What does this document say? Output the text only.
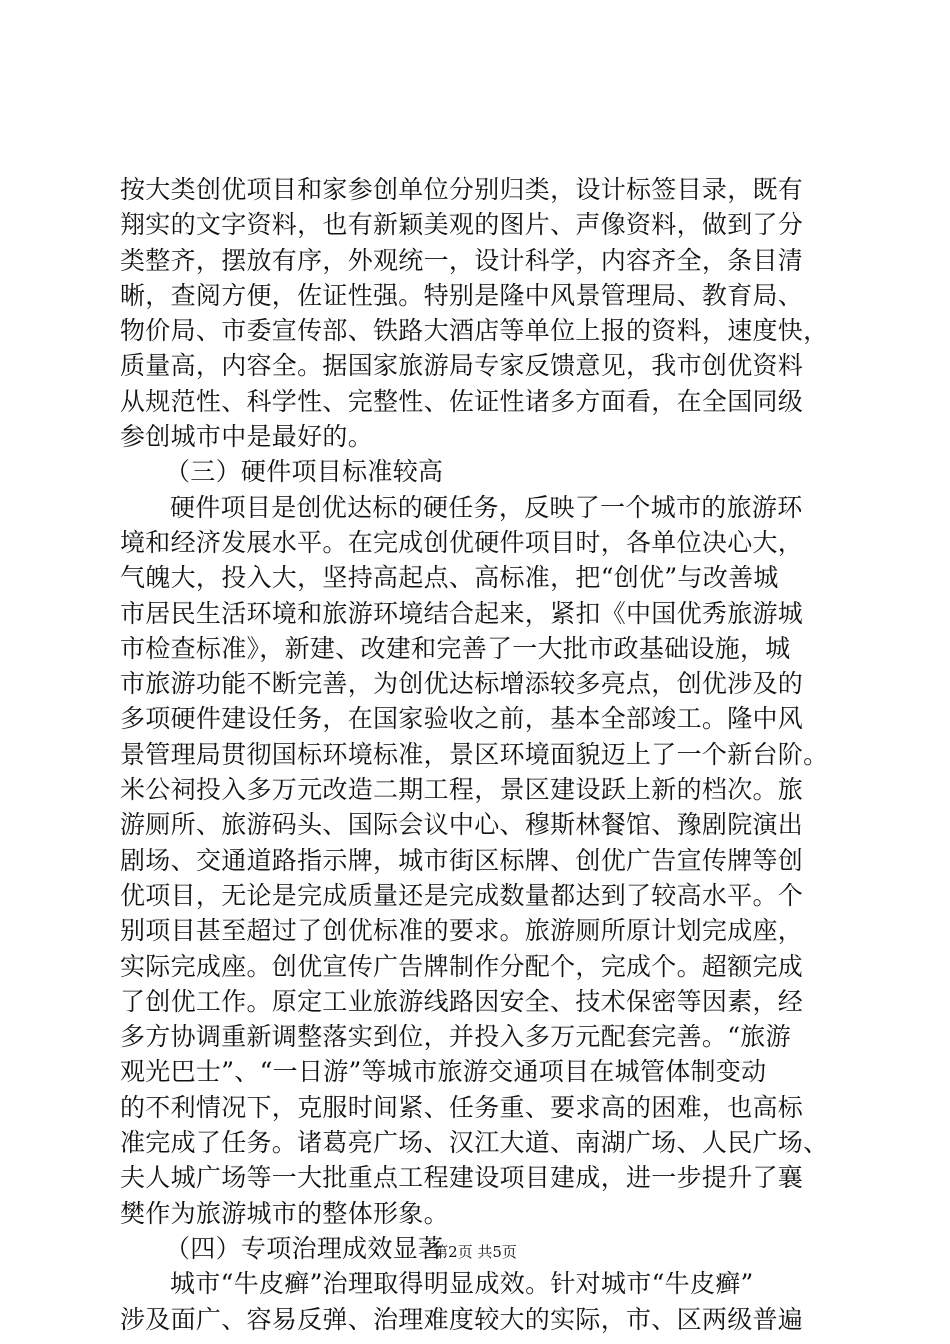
按大类创优项目和家参创单位分别归类，设计标签目录，既有
翔实的文字资料，也有新颖美观的图片、声像资料，做到了分
类整齐，摆放有序，外观统一，设计科学，内容齐全，条目清
晰，查阅方便，佐证性强。特别是隆中风景管理局、教育局、
物价局、市委宣传部、铁路大酒店等单位上报的资料，速度快，
质量高，内容全。据国家旅游局专家反馈意见，我市创优资料
从规范性、科学性、完整性、佐证性诸多方面看，在全国同级
参创城市中是最好的。
（三）硬件项目标准较高
硬件项目是创优达标的硬任务，反映了一个城市的旅游环
境和经济发展水平。在完成创优硬件项目时，各单位决心大，
气魄大，投入大，坚持高起点、高标准，把“创优”与改善城
市居民生活环境和旅游环境结合起来，紧扣《中国优秀旅游城
市检查标准》，新建、改建和完善了一大批市政基础设施，城
市旅游功能不断完善，为创优达标增添较多亮点，创优涉及的
多项硬件建设任务，在国家验收之前，基本全部竣工。隆中风
景管理局贯彻国标环境标准，景区环境面貌迈上了一个新台阶。
米公祠投入多万元改造二期工程，景区建设跃上新的档次。旅
游厕所、旅游码头、国际会议中心、穆斯林餐馆、豫剧院演出
剧场、交通道路指示牌，城市街区标牌、创优广告宣传牌等创
优项目，无论是完成质量还是完成数量都达到了较高水平。个
别项目甚至超过了创优标准的要求。旅游厕所原计划完成座，
实际完成座。创优宣传广告牌制作分配个，完成个。超额完成
了创优工作。原定工业旅游线路因安全、技术保密等因素，经
多方协调重新调整落实到位，并投入多万元配套完善。“旅游
观光巴士”、“一日游”等城市旅游交通项目在城管体制变动
的不利情况下，克服时间紧、任务重、要求高的困难，也高标
准完成了任务。诸葛亮广场、汉江大道、南湖广场、人民广场、
夫人城广场等一大批重点工程建设项目建成，进一步提升了襄
樊作为旅游城市的整体形象。
（四）专项治理成效显著
城市“牛皮癣”治理取得明显成效。针对城市“牛皮癣”
涉及面广、容易反弹、治理难度较大的实际，市、区两级普遍
第2页 共5页
